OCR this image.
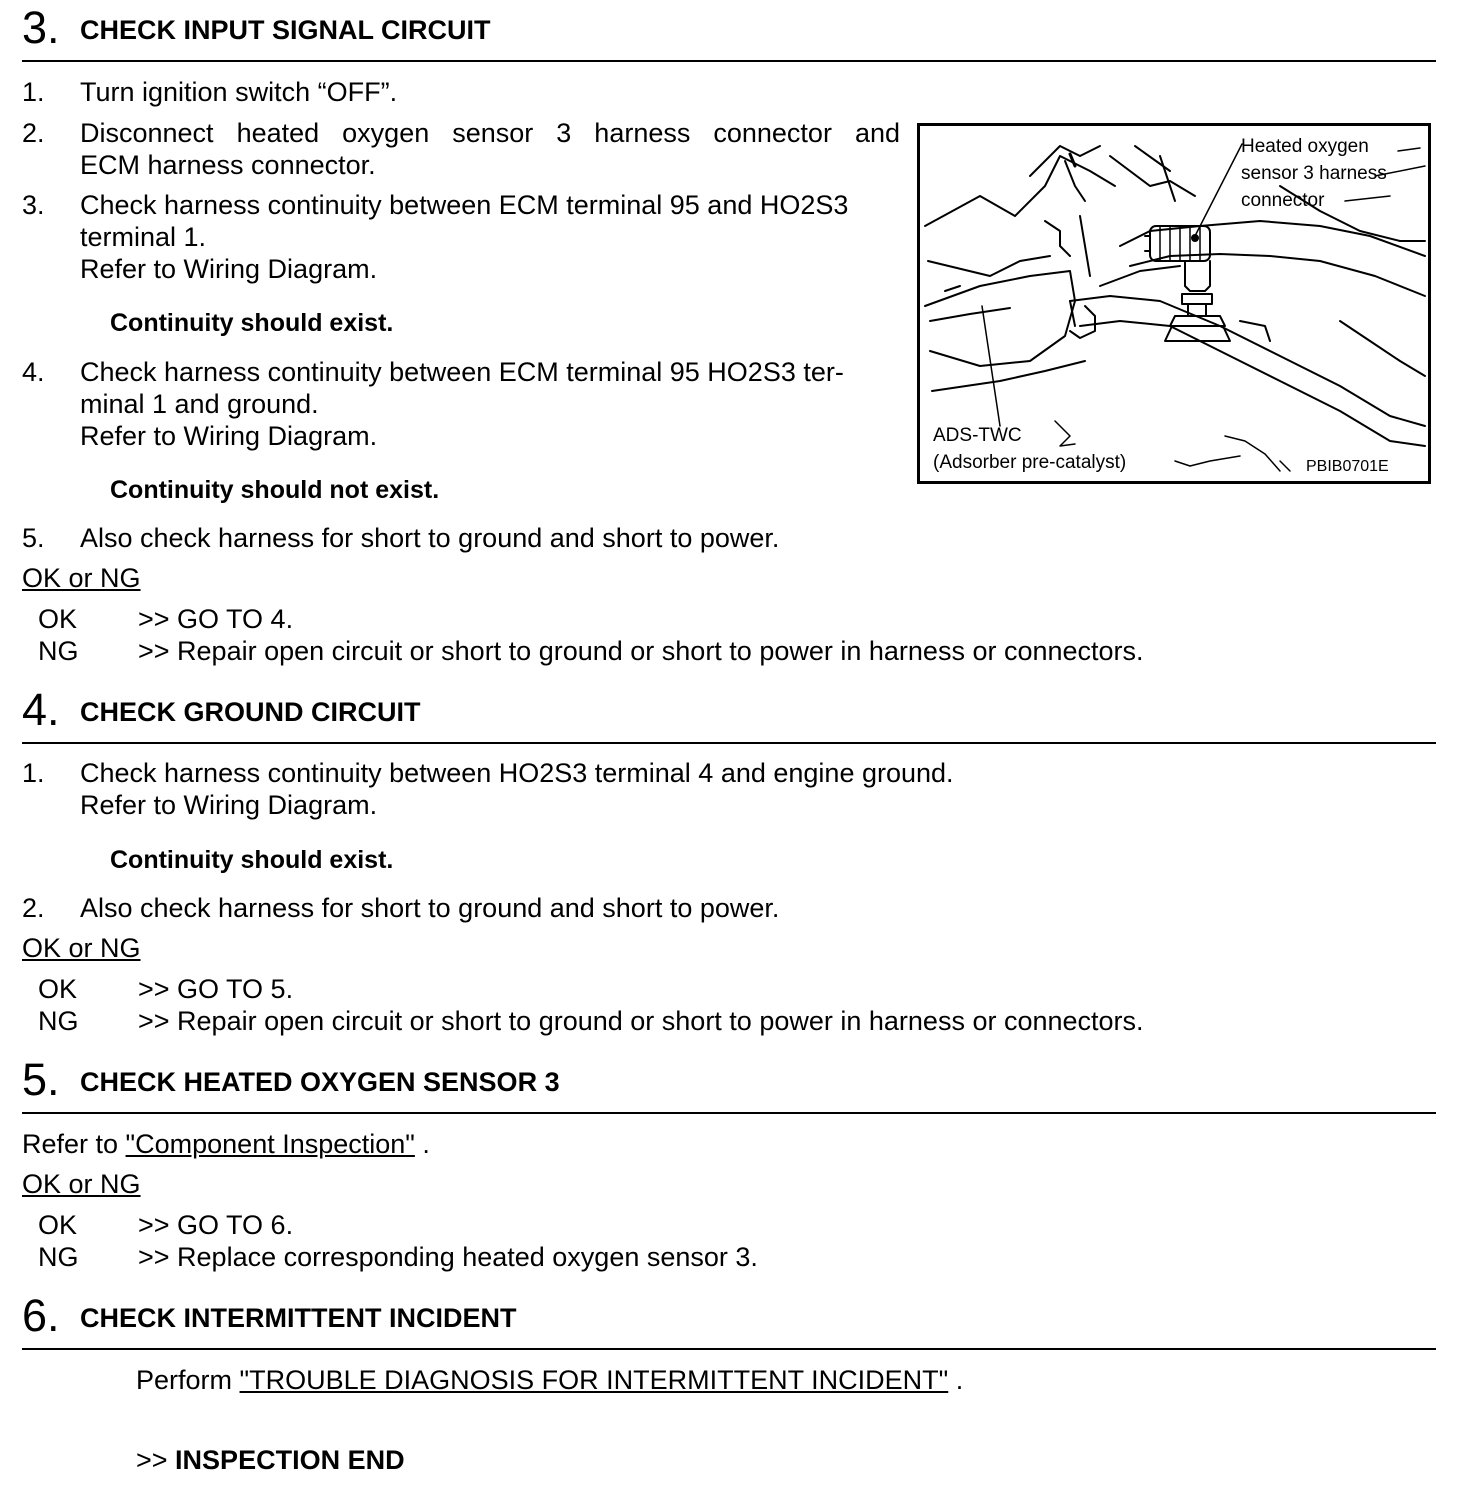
3. CHECK INPUT SIGNAL CIRCUIT
1. Turn ignition switch “OFF”.
2. Disconnect heated oxygen sensor 3 harness connector and
ECM harness connector.
3. Check harness continuity between ECM terminal 95 and HO2S3
terminal 1.
Refer to Wiring Diagram.
Continuity should exist.
4. Check harness continuity between ECM terminal 95 HO2S3 ter-
minal 1 and ground.
Refer to Wiring Diagram.
Continuity should not exist.
5. Also check harness for short to ground and short to power.
OK or NG
OK >> GO TO 4.
NG >> Repair open circuit or short to ground or short to power in harness or connectors.
Heated oxygen
sensor 3 harness
connector
ADS-TWC
(Adsorber pre-catalyst)	PBIB0701E
4. CHECK GROUND CIRCUIT
1. Check harness continuity between HO2S3 terminal 4 and engine ground.
Refer to Wiring Diagram.
Continuity should exist.
2. Also check harness for short to ground and short to power.
OK or NG
OK >> GO TO 5.
NG >> Repair open circuit or short to ground or short to power in harness or connectors.
5. CHECK HEATED OXYGEN SENSOR 3
Refer to "Component Inspection" .
OK or NG
OK >> GO TO 6.
NG >> Replace corresponding heated oxygen sensor 3.
6. CHECK INTERMITTENT INCIDENT
Perform "TROUBLE DIAGNOSIS FOR INTERMITTENT INCIDENT" .
>> INSPECTION END
